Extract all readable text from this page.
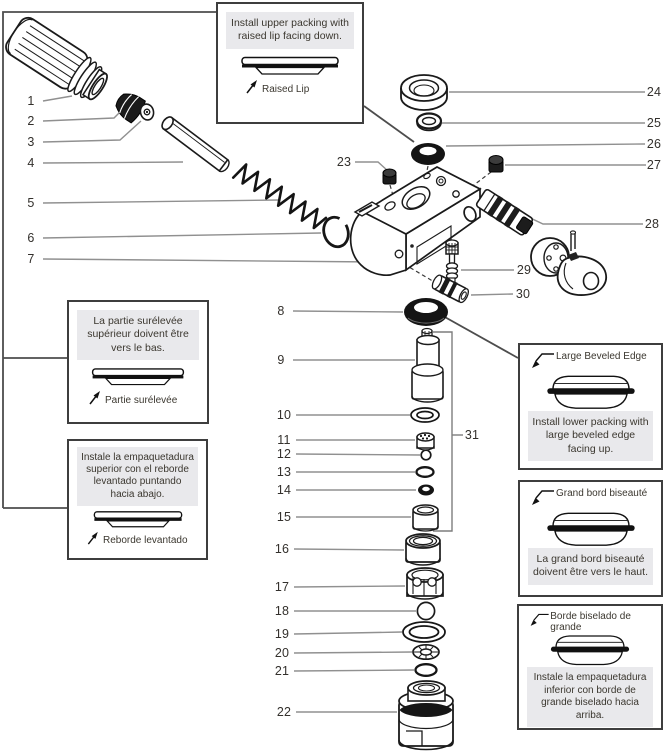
1
2
3
4
5
6
7
8
9
10
11
12
13
14
15
16
17
18
19
20
21
22
23
24
25
26
27
28
29
30
31
Install upper packing with raised lip facing down.
Raised Lip
La partie surélevée supérieur doivent être vers le bas.
Partie surélevée
Instale la empaquetadura superior con el reborde levantado puntando hacia abajo.
Reborde levantado
Large Beveled Edge
Install lower packing with large beveled edge facing up.
Grand bord biseauté
La grand bord biseauté doivent être vers le haut.
Borde biselado de grande
Instale la empaquetadura inferior con borde de grande biselado hacia arriba.
